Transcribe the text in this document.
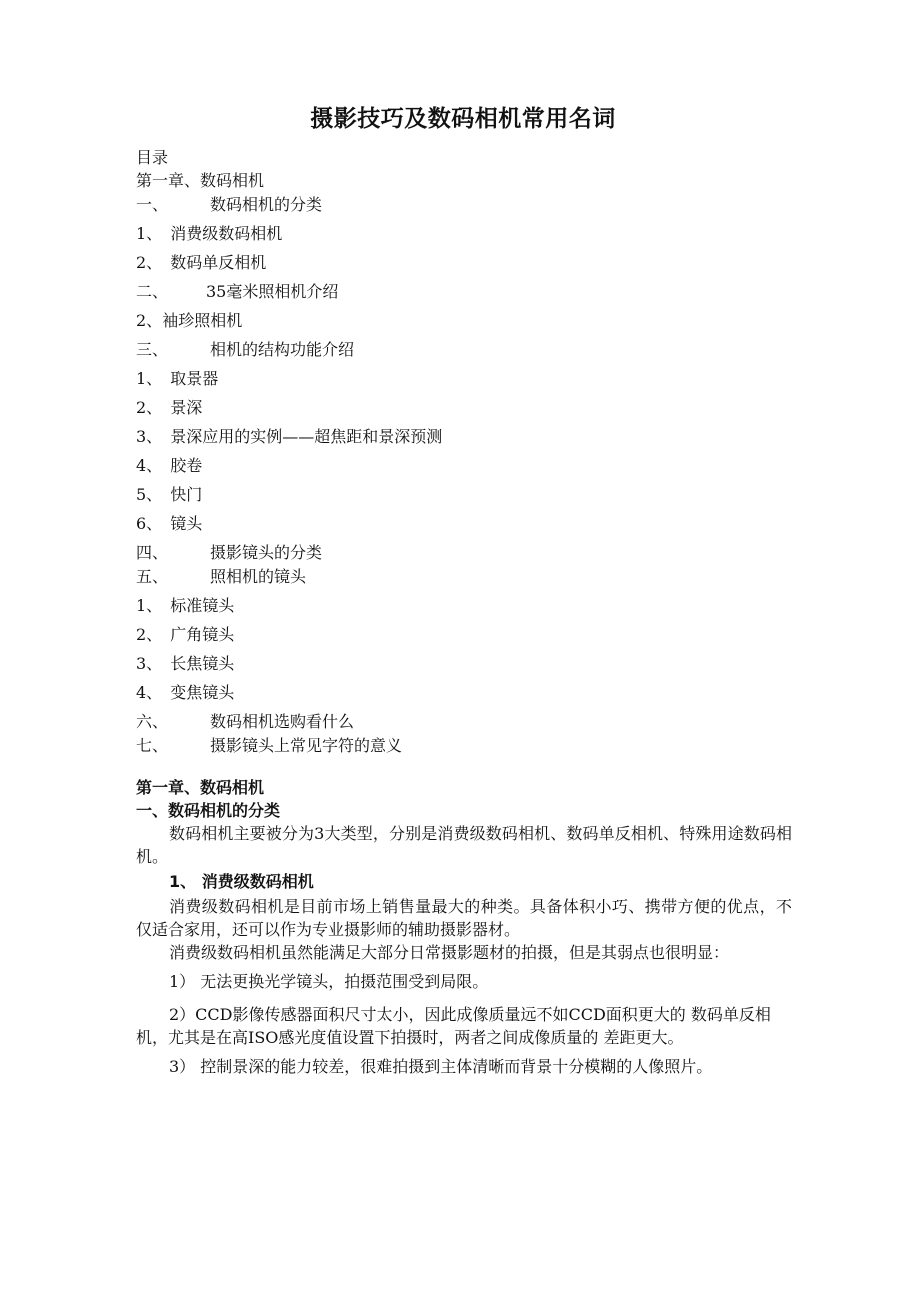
摄影技巧及数码相机常用名词
目录
第一章、数码相机
一、	数码相机的分类
1、 消费级数码相机
2、 数码单反相机
二、 35毫米照相机介绍
2、袖珍照相机
三、	相机的结构功能介绍
1、 取景器
2、 景深
3、 景深应用的实例——超焦距和景深预测
4、 胶卷
5、 快门
6、 镜头
四、	摄影镜头的分类
五、	照相机的镜头
1、 标准镜头
2、 广角镜头
3、 长焦镜头
4、 变焦镜头
六、	数码相机选购看什么
七、	摄影镜头上常见字符的意义
第一章、数码相机
一、数码相机的分类

数码相机主要被分为3大类型，分别是消费级数码相机、数码单反相机、特殊用途数码相机。

1、 消费级数码相机

消费级数码相机是目前市场上销售量最大的种类。具备体积小巧、携带方便的优点，不仅适合家用，还可以作为专业摄影师的辅助摄影器材。

消费级数码相机虽然能满足大部分日常摄影题材的拍摄，但是其弱点也很明显：

1） 无法更换光学镜头，拍摄范围受到局限。

2）CCD影像传感器面积尺寸太小，因此成像质量远不如CCD面积更大的 数码单反相机，尤其是在高ISO感光度值设置下拍摄时，两者之间成像质量的 差距更大。

3） 控制景深的能力较差，很难拍摄到主体清晰而背景十分模糊的人像照片。
